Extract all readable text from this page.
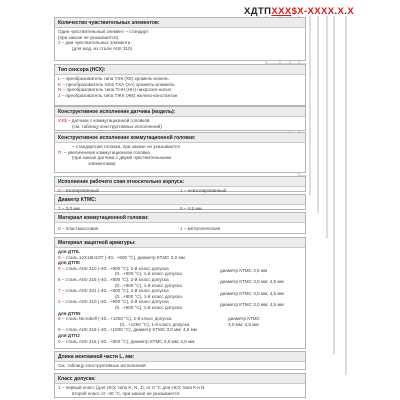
ХДТПХХХ$Х-ХХХХ.Х.Х
Количество чувствительных элементов:
Один чувствительный элемент – стандарт
(при заказе не указывается)
2 – два чувствительных элемента
(для мод. из стали AISI 310)
Тип сенсора (НСХ):
L – преобразователь типа ТХК (ХК) хромель-копель
K – преобразователь типа ТХА (ХА) хромель-алюмель
N – преобразователь типа ТНН (НН) нихросил-нисил
J – преобразователь типа ТЖК (ЖК) железо-константан
Конструктивное исполнение датчика (модель):
ХХ$ – датчики с коммутационной головкой
(см. таблицу конструктивных исполнений)
Конструктивное исполнение коммутационной головки:
– стандартная головка, при заказе не указывается
П – увеличенная коммутационная головка
(при заказе датчика с двумя чувствительными
элементами)
Исполнение рабочего спая относительно корпуса:
0 – изолированный	1 – неизолированный
Диаметр КТМС:
7 – 3,0 мм	9 – 4,5 мм
Материал коммутационной головки:
0 – пластмассовая	1 – металлическая
Материал защитной арматуры:
для ДТПL
0 – сталь 12Х18Н10Т (-40...+600 °С), диаметр КТМС 3,0 мм
для ДТПК
5 – сталь AISI 310 (-40...+900 °С), 2-й класс допуска	диаметр КТМС 4,5 мм
(0...+900 °С), 1-й класс допуска
6 – сталь AISI 316 (-40...+900 °С), 2-й класс допуска	диаметр КТМС 3,0 мм; 4,5 мм
(0...+900 °С), 1-й класс допуска
7 – сталь AISI 321 (-40...+800 °С), 2-й класс допуска	диаметр КТМС 3,0 мм; 4,5 мм
(0...+800 °С), 1-й класс допуска
2 – сталь AISI 310 (-40...+900 °С), 2-й класс допуска	диаметр КТМС 3,0 мм; 4,5 мм
(0...+900 °С), 1-й класс допуска
для ДТПN
8 – сталь Nicrobell (-40...+1250 °С), 2-й класс допуска	диаметр КТМС
(0...+1250 °С), 1-й класс допуска	3,0 мм; 4,5 мм
9 – сталь AISI 316 (-40...+1000 °С), диаметр КТМС 3,0 мм; 4,5 мм
для ДТПJ
0 – сталь AISI 316 (-40...+800 °С), диаметр КТМС 3,0 мм; 4,5 мм
Длина монтажной части L, мм:
См. таблицу конструктивных исполнений
Класс допуска:
1 – первый класс (для НСХ типа K, N, J), от 0 °С для НСХ типа К и N
второй класс от -40 °С, при заказе не указывается
